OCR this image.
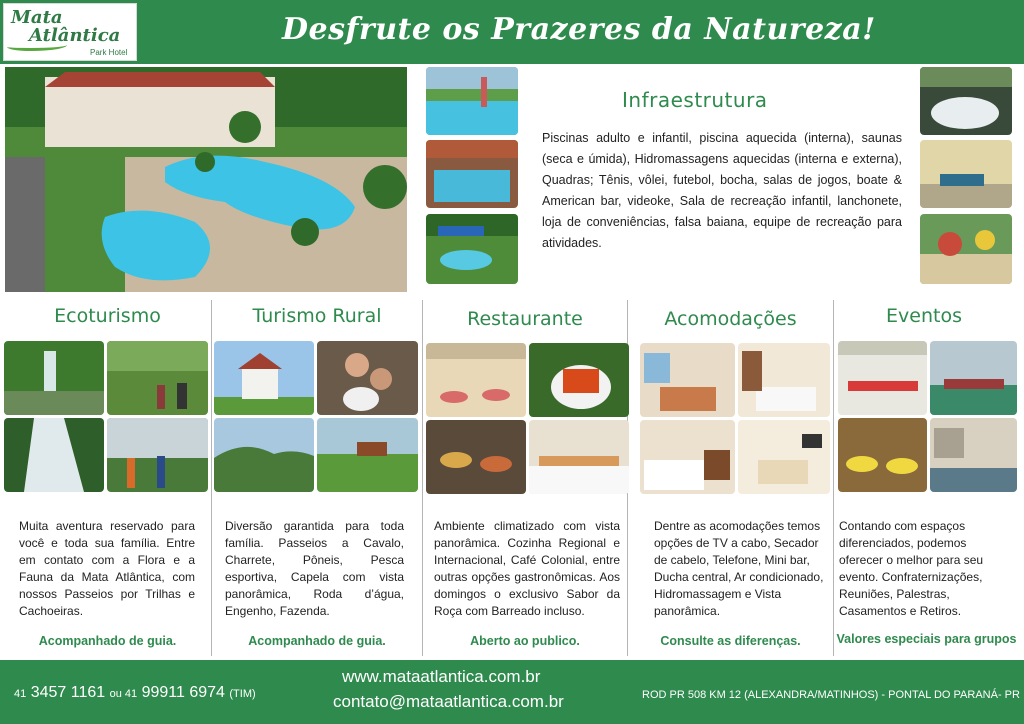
Mata
Atlântica
Park Hotel
Desfrute os Prazeres da Natureza!
Infraestrutura
Piscinas adulto e infantil, piscina aquecida (interna), saunas (seca e úmida), Hidromassagens aquecidas (interna e externa), Quadras; Tênis, vôlei, futebol, bocha, salas de jogos, boate & American bar, videoke, Sala de recreação infantil, lanchonete, loja de conveniências, falsa baiana, equipe de recreação para atividades.
Ecoturismo
Muita aventura reservado para você e toda sua família. Entre em contato com a Flora e a Fauna da Mata Atlântica, com nossos Passeios por Trilhas e Cachoeiras.
Acompanhado de guia.
Turismo Rural
Diversão garantida para toda família. Passeios a Cavalo, Charrete, Pôneis, Pesca esportiva, Capela com vista panorâmica, Roda d’água, Engenho, Fazenda.
Acompanhado de guia.
Restaurante
Ambiente climatizado com vista panorâmica. Cozinha Regional e Internacional, Café Colonial, entre outras opções gastronômicas. Aos domingos o exclusivo Sabor da Roça com Barreado incluso.
Aberto ao publico.
Acomodações
Dentre as acomodações temos opções de TV a cabo, Secador de cabelo, Telefone, Mini bar, Ducha central, Ar condicionado, Hidromassagem e Vista panorâmica.
Consulte as diferenças.
Eventos
Contando com espaços diferenciados, podemos oferecer o melhor para seu evento. Confraternizações, Reuniões, Palestras, Casamentos e Retiros.
Valores especiais para grupos
41 3457 1161 ou 41 99911 6974 (TIM)
www.mataatlantica.com.br
contato@mataatlantica.com.br	ROD PR 508 KM 12 (ALEXANDRA/MATINHOS) - PONTAL DO PARANÁ- PR
